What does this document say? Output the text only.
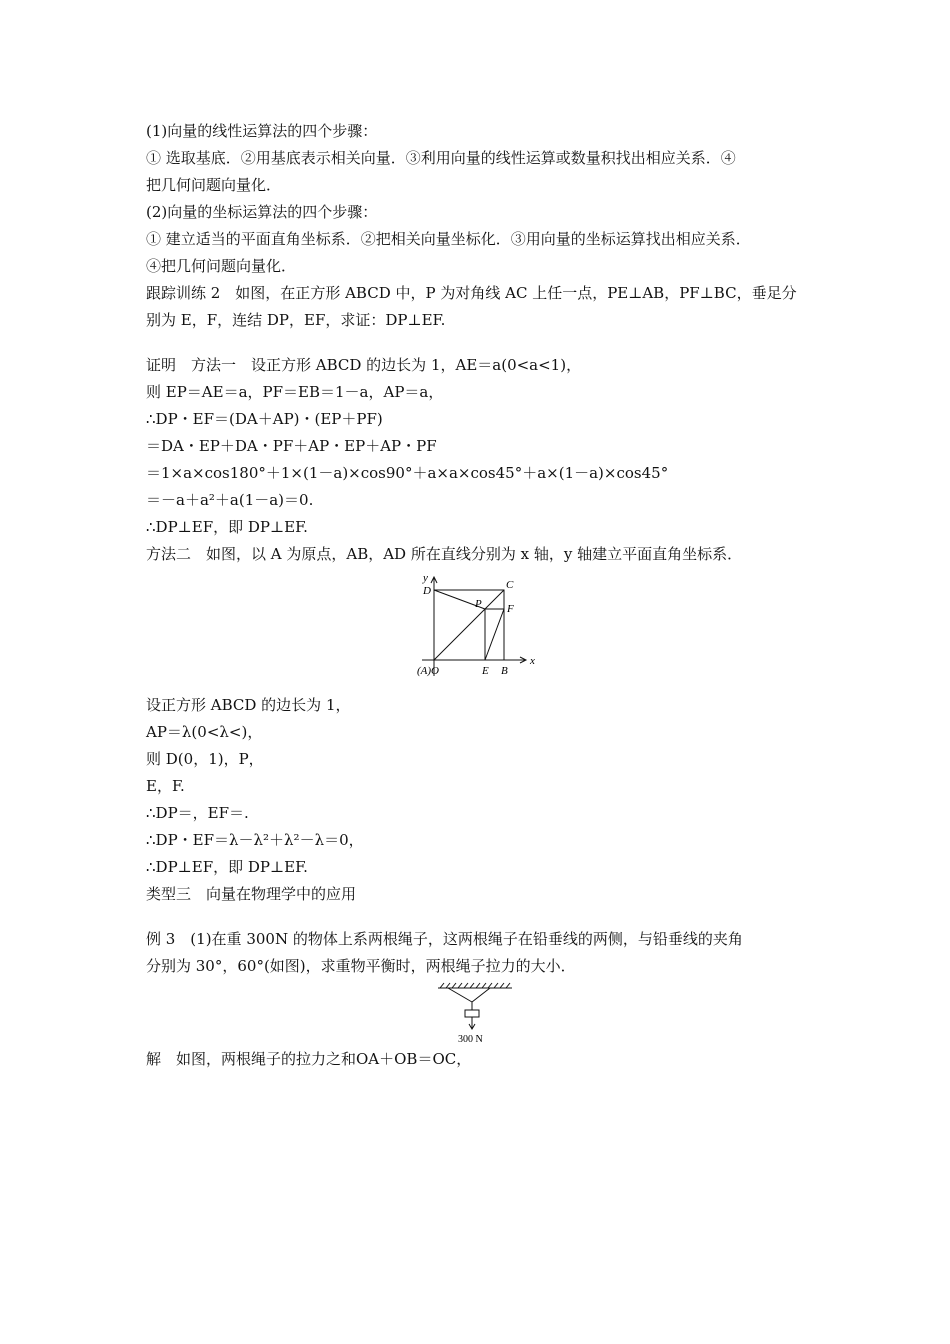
(1)向量的线性运算法的四个步骤：
① 选取基底．②用基底表示相关向量．③利用向量的线性运算或数量积找出相应关系．④
把几何问题向量化．
(2)向量的坐标运算法的四个步骤：
① 建立适当的平面直角坐标系．②把相关向量坐标化．③用向量的坐标运算找出相应关系．
④把几何问题向量化．
跟踪训练 2　如图，在正方形 ABCD 中，P 为对角线 AC 上任一点，PE⊥AB，PF⊥BC，垂足分
别为 E，F，连结 DP，EF，求证：DP⊥EF.
证明　方法一　设正方形 ABCD 的边长为 1，AE＝a(0<a<1)，
则 EP＝AE＝a，PF＝EB＝1－a，AP＝a，
∴DP・EF＝(DA＋AP)・(EP＋PF)
＝DA・EP＋DA・PF＋AP・EP＋AP・PF
＝1×a×cos180°＋1×(1－a)×cos90°＋a×a×cos45°＋a×(1－a)×cos45°
＝－a＋a²＋a(1－a)＝0.
∴DP⊥EF，即 DP⊥EF.
方法二　如图，以 A 为原点，AB，AD 所在直线分别为 x 轴，y 轴建立平面直角坐标系．
y
x
D	C
P F
(A)O	E B
设正方形 ABCD 的边长为 1，
AP＝λ(0<λ<)，
则 D(0，1)，P，
E，F.
∴DP＝，EF＝.
∴DP・EF＝λ－λ²＋λ²－λ＝0，
∴DP⊥EF，即 DP⊥EF.
类型三　向量在物理学中的应用
例 3　(1)在重 300N 的物体上系两根绳子，这两根绳子在铅垂线的两侧，与铅垂线的夹角
分别为 30°，60°(如图)，求重物平衡时，两根绳子拉力的大小．
300 N
解　如图，两根绳子的拉力之和OA＋OB＝OC，
